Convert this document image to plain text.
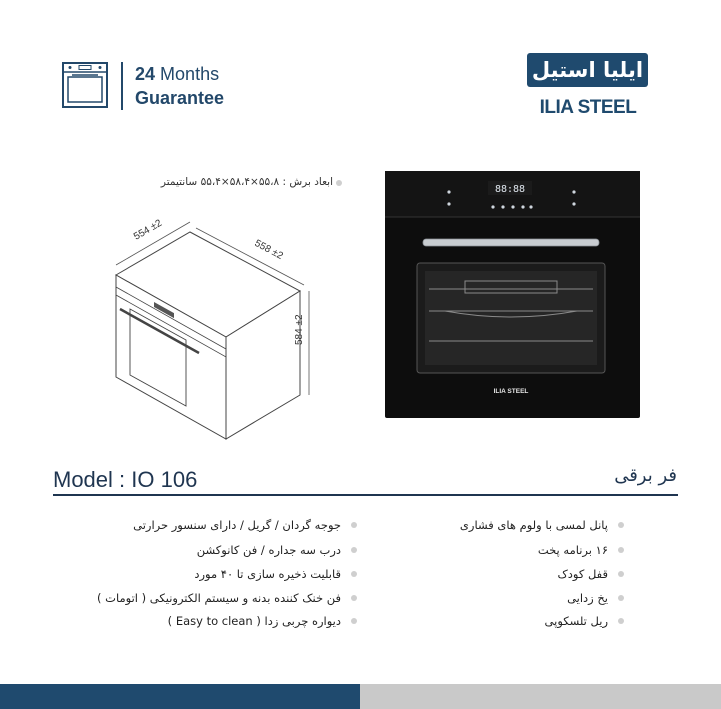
24 Months
Guarantee
ایلیا استیل
ILIA STEEL
ابعاد برش : ۵۵،۸×۵۸،۴×۵۵،۴ سانتیمتر
554 ±2
558 ±2
584 ±2
88:88
ILIA STEEL
Model : IO 106	فر برقی
پانل لمسی با ولوم های فشاری
۱۶ برنامه پخت
قفل کودک
یخ زدایی
ریل تلسکوپی
جوجه گردان / گریل / دارای سنسور حرارتی
درب سه جداره / فن کانوکشن
قابلیت ذخیره سازی تا ۴۰ مورد
فن خنک کننده بدنه و سیستم الکترونیکی ( اتومات )
دیواره چربی زدا ( Easy to clean )
